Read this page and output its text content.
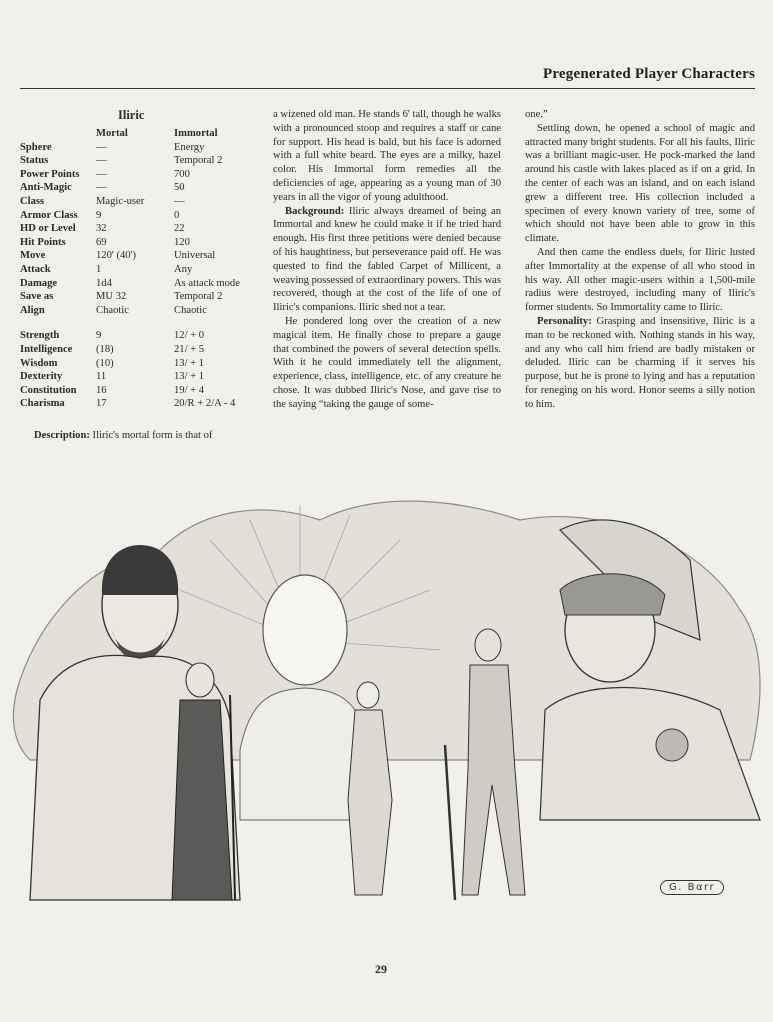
Pregenerated Player Characters
Iliric
	Mortal	Immortal
Sphere	—	Energy
Status	—	Temporal 2
Power Points	—	700
Anti-Magic	—	50
Class	Magic-user	—
Armor Class	9	0
HD or Level	32	22
Hit Points	69	120
Move	120' (40')	Universal
Attack	1	Any
Damage	1d4	As attack mode
Save as	MU 32	Temporal 2
Align	Chaotic	Chaotic

Strength	9	12/ + 0
Intelligence	(18)	21/ + 5
Wisdom	(10)	13/ + 1
Dexterity	11	13/ + 1
Constitution	16	19/ + 4
Charisma	17	20/R + 2/A - 4
Description: Iliric's mortal form is that of

a wizened old man. He stands 6' tall, though he walks with a pronounced stoop and requires a staff or cane for support. His head is bald, but his face is adorned with a full white beard. The eyes are a milky, hazel color. His Immortal form remedies all the deficiencies of age, appearing as a young man of 30 years in all the vigor of young adulthood.

Background: Iliric always dreamed of being an Immortal and knew he could make it if he tried hard enough. His first three petitions were denied because of his haughtiness, but perseverance paid off. He was quested to find the fabled Carpet of Millicent, a weaving possessed of extraordinary powers. This was recovered, though at the cost of the life of one of Iliric's companions. Iliric shed not a tear.

He pondered long over the creation of a new magical item. He finally chose to prepare a gauge that combined the powers of several detection spells. With it he could immediately tell the alignment, experience, class, intelligence, etc. of any creature he chose. It was dubbed Iliric's Nose, and gave rise to the saying “taking the gauge of some-

one.”

Settling down, he opened a school of magic and attracted many bright students. For all his faults, Iliric was a brilliant magic-user. He pock-marked the land around his castle with lakes placed as if on a grid. In the center of each was an island, and on each island grew a different tree. His collection included a specimen of every known variety of tree, some of which should not have been able to grow in this climate.

And then came the endless duels, for Iliric lusted after Immortality at the expense of all who stood in his way. All other magic-users within a 1,500-mile radius were destroyed, including many of Iliric's former students. So Immortality came to Iliric.

Personality: Grasping and insensitive, Iliric is a man to be reckoned with. Nothing stands in his way, and any who call him friend are badly mistaken or deluded. Iliric can be charming if it serves his purpose, but he is prone to lying and has a reputation for reneging on his word. Honor seems a silly notion to him.

G. Bαrr
29
